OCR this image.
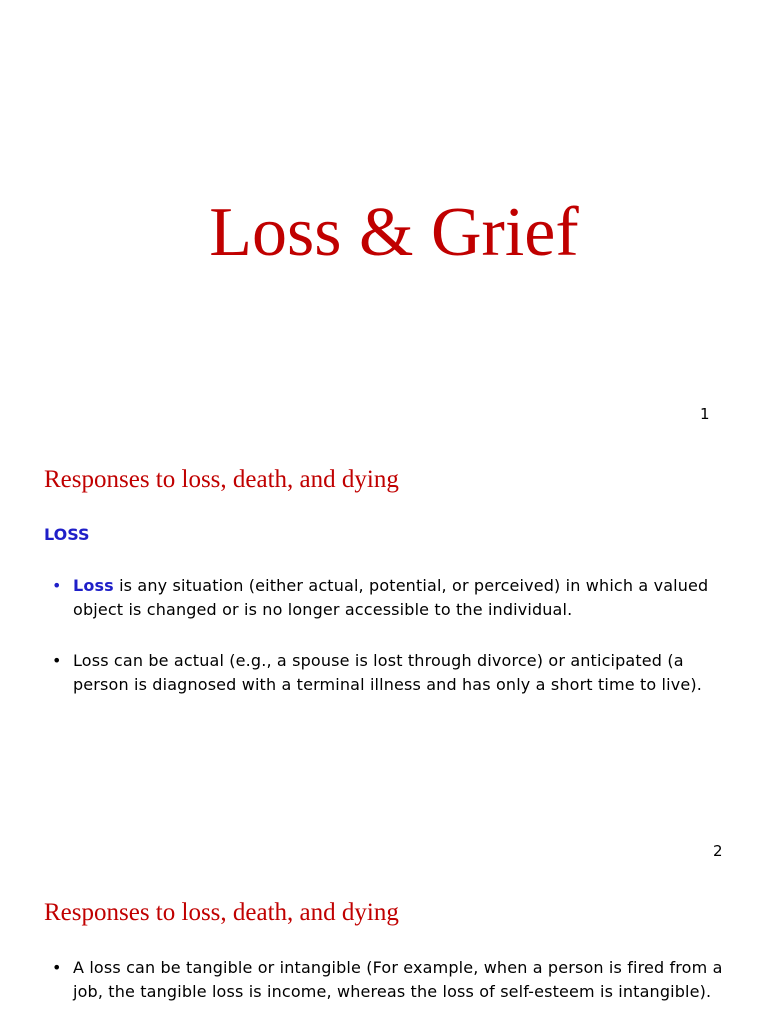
Loss & Grief
1
Responses to loss, death, and dying
LOSS
• Loss is any situation (either actual, potential, or perceived) in which a valued object is changed or is no longer accessible to the individual.
• Loss can be actual (e.g., a spouse is lost through divorce) or anticipated (a person is diagnosed with a terminal illness and has only a short time to live).
2
Responses to loss, death, and dying
• A loss can be tangible or intangible (For example, when a person is fired from a job, the tangible loss is income, whereas the loss of self-esteem is intangible).
